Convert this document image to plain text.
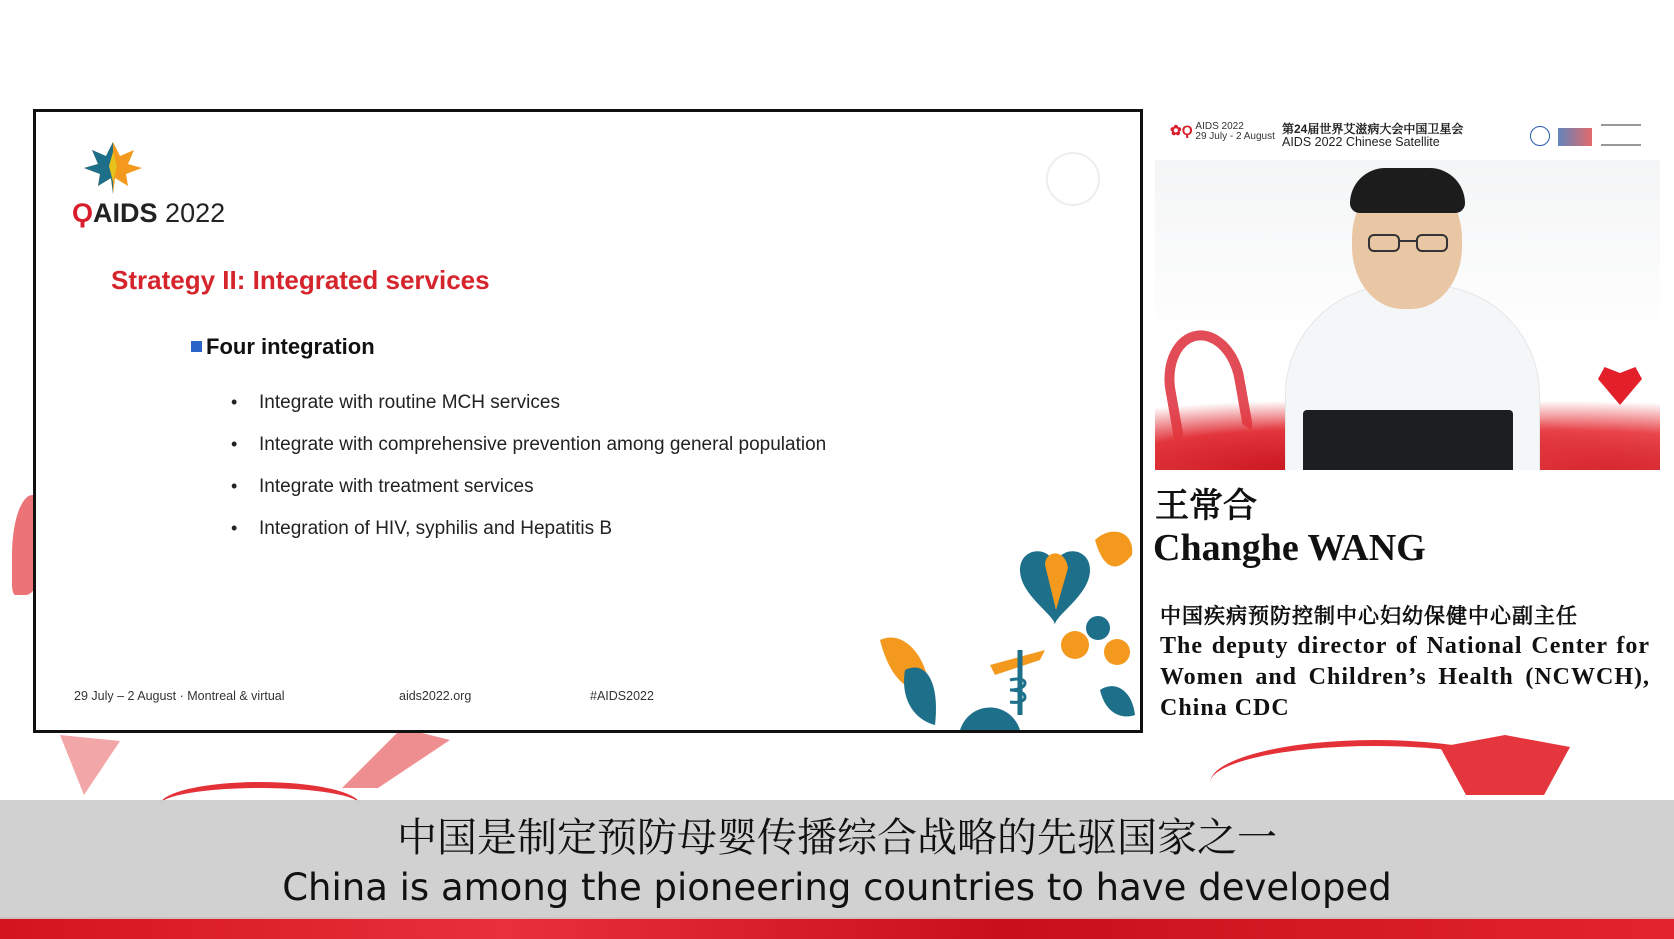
ϘAIDS 2022
Strategy II: Integrated services
Four integration
• Integrate with routine MCH services
• Integrate with comprehensive prevention among general population
• Integrate with treatment services
• Integration of HIV, syphilis and Hepatitis B
29 July – 2 August · Montreal & virtual	aids2022.org	#AIDS2022
✿Ϙ AIDS 2022
29 July - 2 August
第24届世界艾滋病大会中国卫星会
AIDS 2022 Chinese Satellite

王常合
Changhe WANG
中国疾病预防控制中心妇幼保健中心副主任
The deputy director of National Center for Women and Children’s Health (NCWCH), China CDC
中国是制定预防母婴传播综合战略的先驱国家之一
China is among the pioneering countries to have developed
